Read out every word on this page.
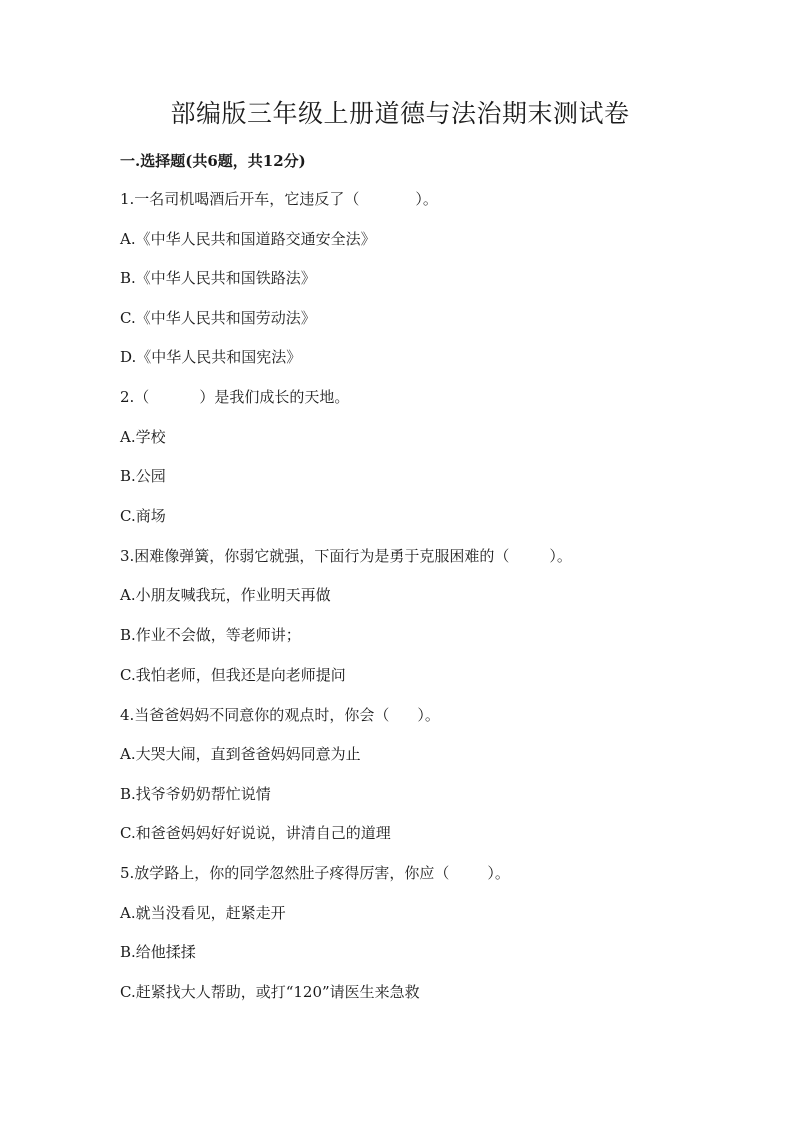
部编版三年级上册道德与法治期末测试卷
一.选择题(共6题，共12分)
1.一名司机喝酒后开车，它违反了（	）。
A.《中华人民共和国道路交通安全法》
B.《中华人民共和国铁路法》
C.《中华人民共和国劳动法》
D.《中华人民共和国宪法》
2.（	）是我们成长的天地。
A.学校
B.公园
C.商场
3.困难像弹簧，你弱它就强，下面行为是勇于克服困难的（	）。
A.小朋友喊我玩，作业明天再做
B.作业不会做，等老师讲；
C.我怕老师，但我还是向老师提问
4.当爸爸妈妈不同意你的观点时，你会（ ）。
A.大哭大闹，直到爸爸妈妈同意为止
B.找爷爷奶奶帮忙说情
C.和爸爸妈妈好好说说，讲清自己的道理
5.放学路上，你的同学忽然肚子疼得厉害，你应（	）。
A.就当没看见，赶紧走开
B.给他揉揉
C.赶紧找大人帮助，或打“120”请医生来急救
